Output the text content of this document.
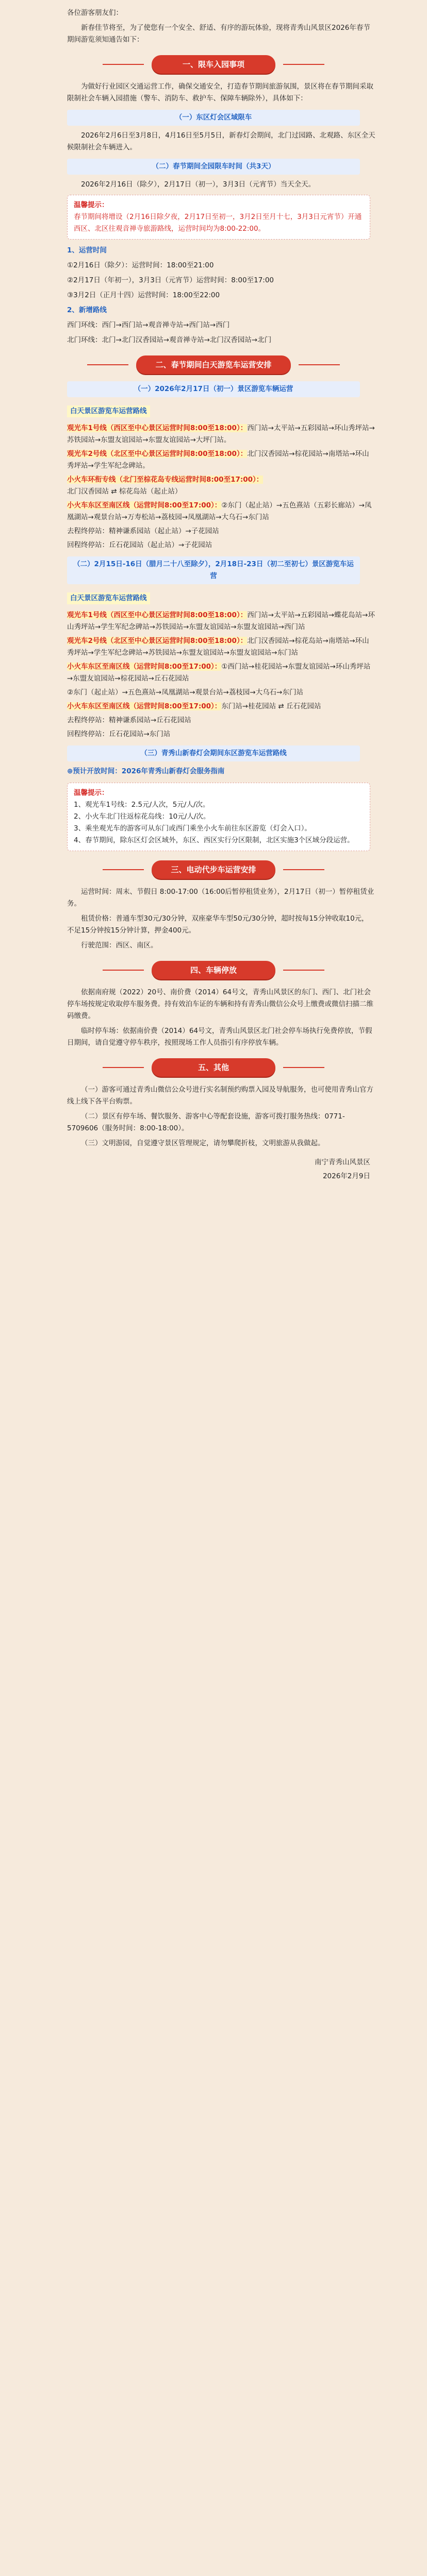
各位游客朋友们：

新春佳节将至，为了使您有一个安全、舒适、有序的游玩体验，现将青秀山风景区2026年春节期间游览须知通告如下：

一、限车入园事项

为做好行业园区交通运营工作，确保交通安全，打造春节期间旅游氛围，景区将在春节期间采取限制社会车辆入园措施（警车、消防车、救护车、保障车辆除外），具体如下：

（一）东区灯会区域限车

2026年2月6日至3月8日，4月16日至5月5日，新春灯会期间，北门过园路、北观路、东区全天候限制社会车辆进入。

（二）春节期间全园限车时间（共3天）

2026年2月16日（除夕），2月17日（初一），3月3日（元宵节）当天全天。

温馨提示：
春节期间将增设（2月16日除夕夜，2月17日至初一，3月2日至月十七，3月3日元宵节）开通西区、北区往观音禅寺旅游路线，运营时间均为8:00-22:00。

1、运营时间

①2月16日（除夕）：运营时间：18:00至21:00

②2月17日（年初一），3月3日（元宵节）运营时间：8:00至17:00

③3月2日（正月十四）运营时间：18:00至22:00

2、新增路线

西门环线：西门→西门站→观音禅寺站→西门站→西门

北门环线：北门→北门汉香园站→观音禅寺站→北门汉香园站→北门

二、春节期间白天游览车运营安排
（一）2026年2月17日（初一）景区游览车辆运营
白天景区游览车运营路线
观光车1号线（西区至中心景区运营时间8:00至18:00）：西门站→太平站→五彩园站→环山秀坪站→苏铁园站→东盟友谊园站→东盟友谊园站→大坪门站。
观光车2号线（北区至中心景区运营时间8:00至18:00）：北门汉香园站→棕花园站→南塔站→环山秀坪站→学生军纪念碑站。
小火车环衔专线（北门至棕花岛专线运营时间8:00至17:00）：北门汉香园站 ⇄ 棕花岛站（起止站）
小火车东区至南区线（运营时间8:00至17:00）：②东门（起止站）→五色熹站（五彩长廊站）→凤凰湖站→观景台站→万寿松站→荔枝园→凤凰湖站→大乌石→东门站
去程终停站：精神谦系园站（起止站）→子花园站
回程终停站：丘石花园站（起止站）→子花园站
（二）2月15日-16日（腊月二十八至除夕），2月18日-23日（初二至初七）景区游览车运营
白天景区游览车运营路线
观光车1号线（西区至中心景区运营时间8:00至18:00）：西门站→太平站→五彩园站→蝶花岛站→环山秀坪站→学生军纪念碑站→苏铁园站→东盟友谊园站→东盟友谊园站→西门站
观光车2号线（北区至中心景区运营时间8:00至18:00）：北门汉香园站→棕花岛站→南塔站→环山秀坪站→学生军纪念碑站→苏铁园站→东盟友谊园站→东盟友谊园站→东门站
小火车东区至南区线（运营时间8:00至17:00）：①西门站→桂花园站→东盟友谊园站→环山秀坪站→东盟友谊园站→棕花园站→丘石花园站
②东门（起止站）→五色熹站→凤凰湖站→观景台站→荔枝园→大乌石→东门站
小火车东区至南区线（运营时间8:00至17:00）：东门站→桂花园站 ⇄ 丘石花园站
去程终停站：精神谦系园站→丘石花园站
回程终停站：丘石花园站→东门站
（三）青秀山新春灯会期间东区游览车运营路线
⊕预计开放时间：2026年青秀山新春灯会服务指南
温馨提示：
1、观光车1号线：2.5元/人次，5元/人/次。
2、小火车北门往返棕花岛线：10元/人/次。
3、乘坐观光车的游客可从东门或西门乘坐小火车前往东区游览（灯会入口）。
4、春节期间，除东区灯会区域外，东区、西区实行分区限制，北区实施3个区域分段运营。
三、电动代步车运营安排

运营时间：周末、节假日 8:00-17:00（16:00后暂停租赁业务），2月17日（初一）暂停租赁业务。

租赁价格：普通车型30元/30分钟，双座豪华车型50元/30分钟，超时按每15分钟收取10元，不足15分钟按15分钟计算，押金400元。

行驶范围：西区、南区。

四、车辆停放

依据南府规（2022）20号、南价费（2014）64号文，青秀山风景区的东门、西门、北门社会停车场按规定收取停车服务费。持有效泊车证的车辆和持有青秀山微信公众号上缴费或微信扫描二维码缴费。

临时停车场：依据南价费（2014）64号文，青秀山风景区北门社会停车场执行免费停放，节假日期间，请自觉遵守停车秩序，按照现场工作人员指引有序停放车辆。

五、其他

（一）游客可通过青秀山微信公众号进行实名制预约购票入园及导航服务，也可使用青秀山官方线上线下各平台购票。

（二）景区有停车场、餐饮服务、游客中心等配套设施，游客可拨打服务热线：0771-5709606（服务时间：8:00-18:00）。

（三）文明游园，自觉遵守景区管理规定，请勿攀爬折枝，文明旅游从我做起。

南宁青秀山风景区
2026年2月9日
